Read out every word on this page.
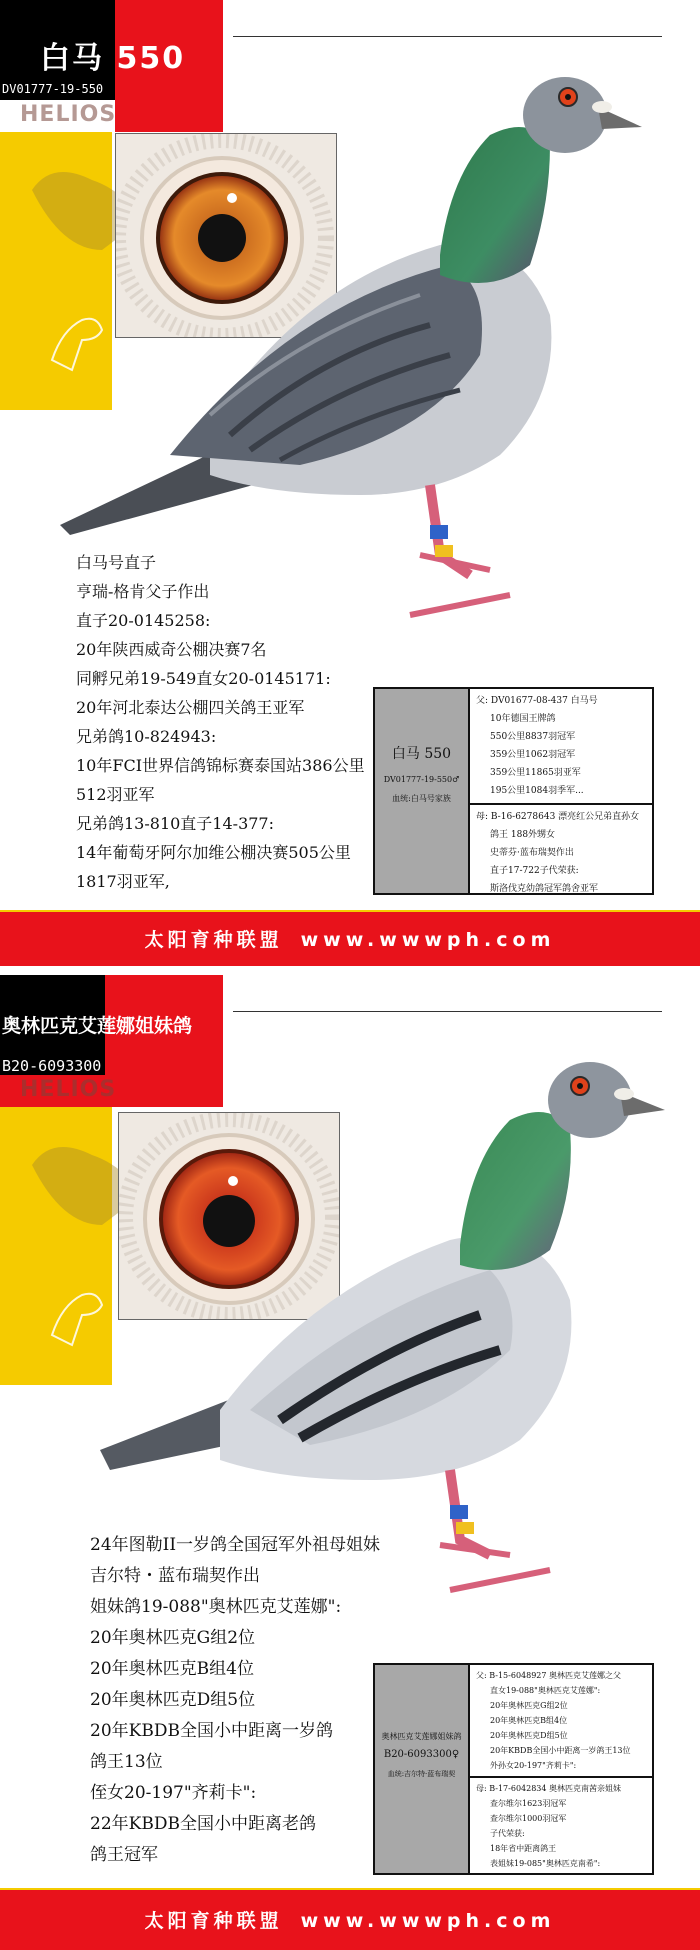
HELIOS
白马 550
DV01777-19-550
白马号直子
亨瑞-格肯父子作出
直子20-0145258:
20年陕西威奇公棚决赛7名
同孵兄弟19-549直女20-0145171:
20年河北泰达公棚四关鸽王亚军
兄弟鸽10-824943:
10年FCI世界信鸽锦标赛泰国站386公里
512羽亚军
兄弟鸽13-810直子14-377:
14年葡萄牙阿尔加维公棚决赛505公里
1817羽亚军,
白马 550
DV01777-19-550♂
血统:白马号家族
父: DV01677-08-437 白马号
10年德国王牌鸽
550公里8837羽冠军
359公里1062羽冠军
359公里11865羽亚军
195公里1084羽季军...
母: B-16-6278643 漂亮红公兄弟直孙女
鸽王 188外甥女
史蒂芬·蓝布瑞契作出
直子17-722子代荣获:
斯洛伐克幼鸽冠军鸽舍亚军
太阳育种联盟 www.wwwph.com
HELIOS
奥林匹克艾莲娜姐妹鸽
B20-6093300
24年图勒II一岁鸽全国冠军外祖母姐妹
吉尔特・蓝布瑞契作出
姐妹鸽19-088"奥林匹克艾莲娜":
20年奥林匹克G组2位
20年奥林匹克B组4位
20年奥林匹克D组5位
20年KBDB全国小中距离一岁鸽
鸽王13位
侄女20-197"齐莉卡":
22年KBDB全国小中距离老鸽
鸽王冠军
奥林匹克艾莲娜姐妹鸽
B20-6093300♀
血统:吉尔特·蓝布瑞契
父: B-15-6048927 奥林匹克艾莲娜之父
直女19-088"奥林匹克艾莲娜":
20年奥林匹克G组2位
20年奥林匹克B组4位
20年奥林匹克D组5位
20年KBDB全国小中距离一岁鸽王13位
外孙女20-197"齐莉卡":
母: B-17-6042834 奥林匹克南茜亲姐妹
查尔维尔1623羽冠军
查尔维尔1000羽冠军
子代荣获:
18年省中距离鸽王
表姐妹19-085"奥林匹克南希":
太阳育种联盟 www.wwwph.com
